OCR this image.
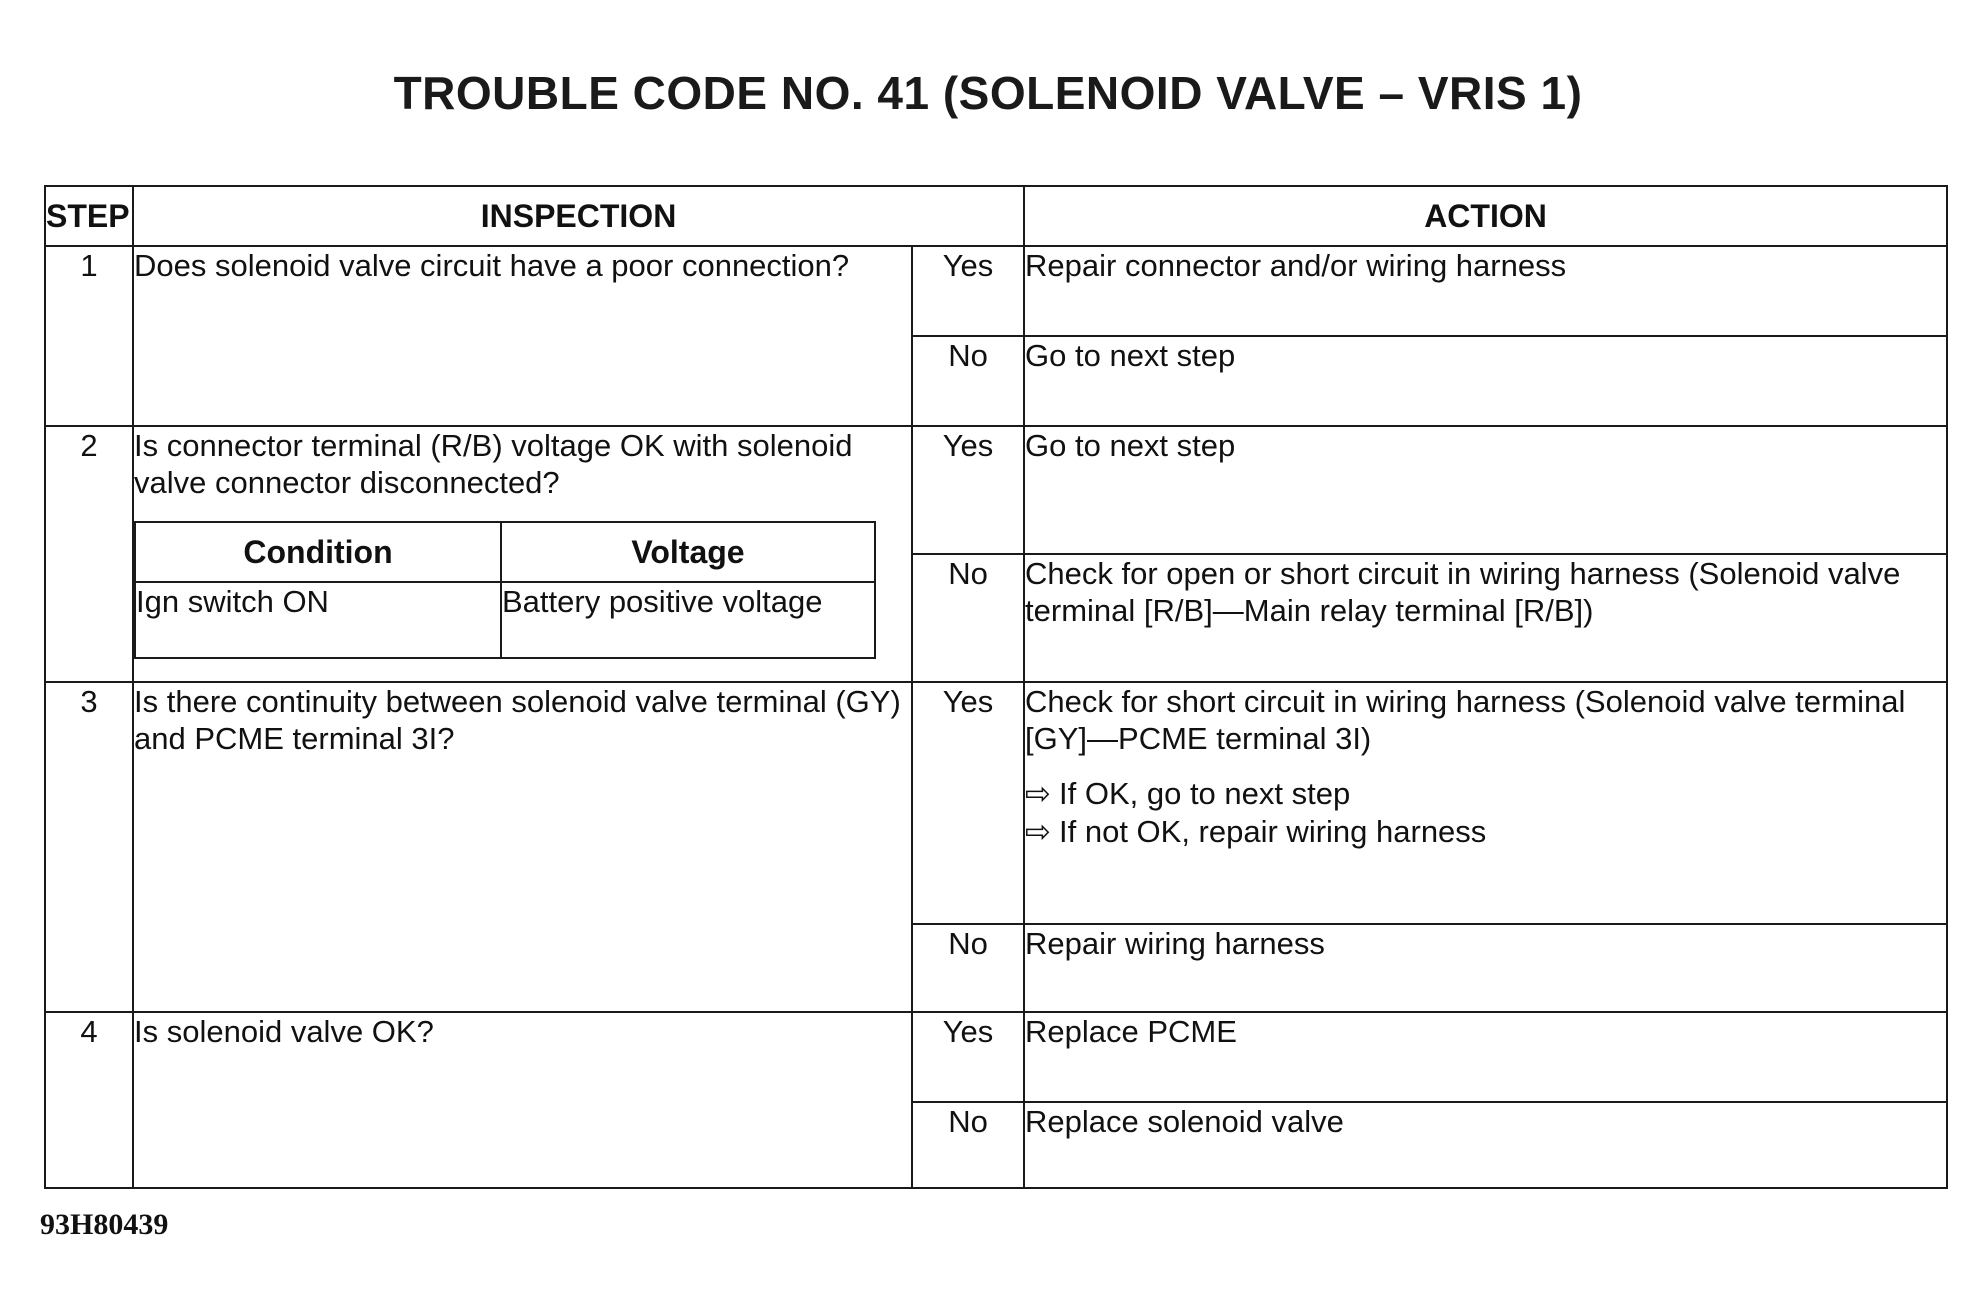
TROUBLE CODE NO. 41 (SOLENOID VALVE – VRIS 1)
STEP	INSPECTION	ACTION
1	Does solenoid valve circuit have a poor connection?	Yes	Repair connector and/or wiring harness
No	Go to next step
2	Is connector terminal (R/B) voltage OK with solenoid valve connector disconnected?
Condition	Voltage
Ign switch ON	Battery positive voltage
	Yes	Go to next step
No	Check for open or short circuit in wiring harness (Solenoid valve terminal [R/B]—Main relay terminal [R/B])
3	Is there continuity between solenoid valve terminal (GY) and PCME terminal 3I?	Yes	Check for short circuit in wiring harness (Solenoid valve terminal [GY]—PCME terminal 3I)
⇨ If OK, go to next step
⇨ If not OK, repair wiring harness

No	Repair wiring harness
4	Is solenoid valve OK?	Yes	Replace PCME
No	Replace solenoid valve
93H80439
